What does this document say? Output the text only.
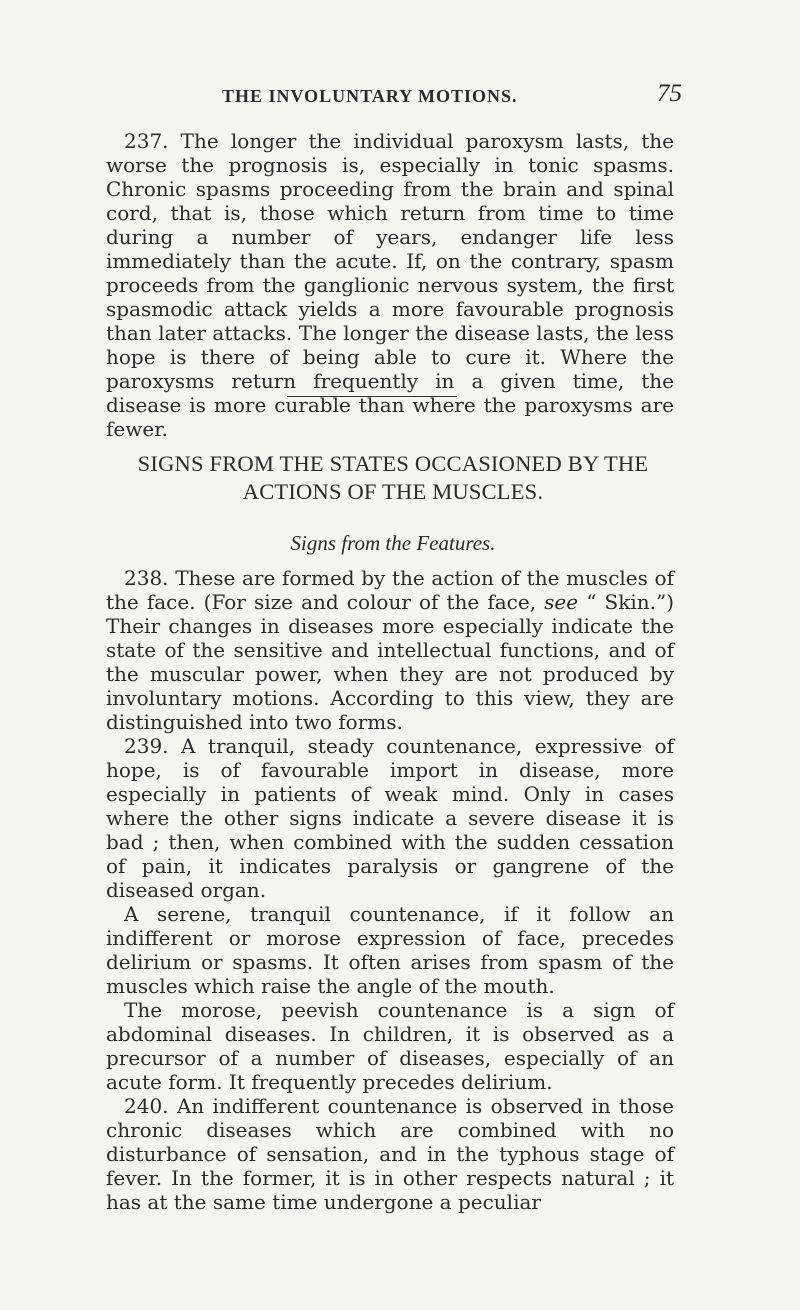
THE INVOLUNTARY MOTIONS.	75

237. The longer the individual paroxysm lasts, the worse the prognosis is, especially in tonic spasms. Chronic spasms proceeding from the brain and spinal cord, that is, those which return from time to time during a number of years, endanger life less immediately than the acute. If, on the contrary, spasm proceeds from the ganglionic nervous system, the first spasmodic attack yields a more favourable prognosis than later attacks. The longer the disease lasts, the less hope is there of being able to cure it. Where the paroxysms return frequently in a given time, the disease is more curable than where the paroxysms are fewer.

SIGNS FROM THE STATES OCCASIONED BY THE
ACTIONS OF THE MUSCLES.
Signs from the Features.

238. These are formed by the action of the muscles of the face. (For size and colour of the face, see “ Skin.”) Their changes in diseases more especially indicate the state of the sensitive and intellectual functions, and of the muscular power, when they are not produced by involuntary motions. According to this view, they are distinguished into two forms.

239. A tranquil, steady countenance, expressive of hope, is of favourable import in disease, more especially in patients of weak mind. Only in cases where the other signs indicate a severe disease it is bad ; then, when combined with the sudden cessation of pain, it indicates paralysis or gangrene of the diseased organ.

A serene, tranquil countenance, if it follow an indifferent or morose expression of face, precedes delirium or spasms. It often arises from spasm of the muscles which raise the angle of the mouth.

The morose, peevish countenance is a sign of abdominal diseases. In children, it is observed as a precursor of a number of diseases, especially of an acute form. It frequently precedes delirium.

240. An indifferent countenance is observed in those chronic diseases which are combined with no disturbance of sensation, and in the typhous stage of fever. In the former, it is in other respects natural ; it has at the same time undergone a peculiar
